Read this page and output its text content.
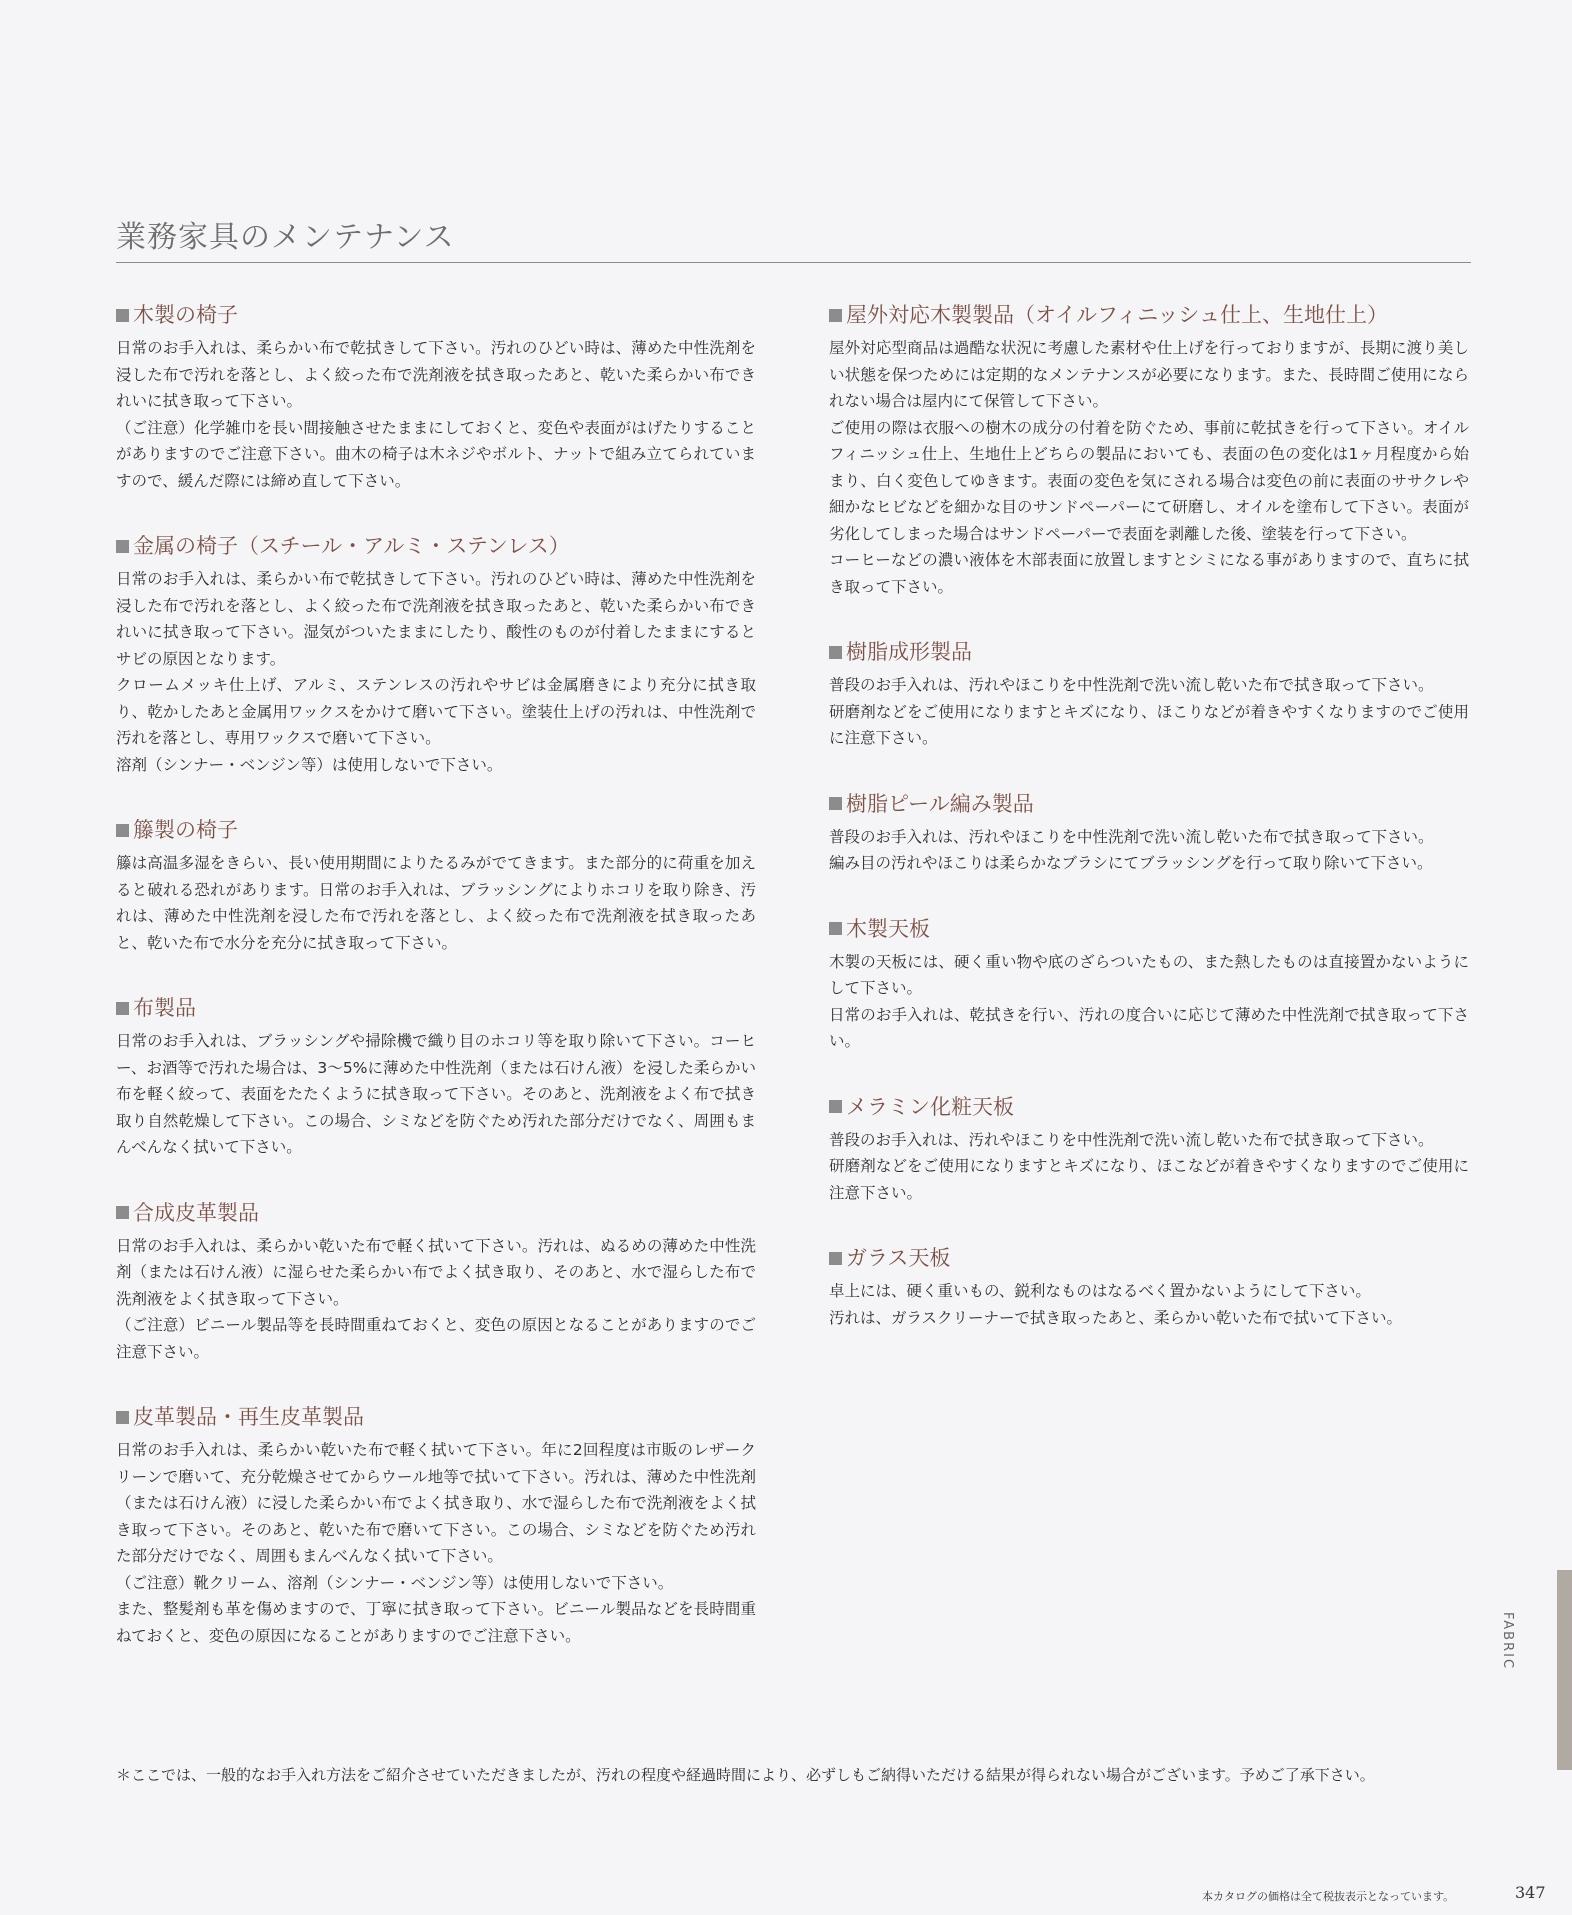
業務家具のメンテナンス
木製の椅子

日常のお手入れは、柔らかい布で乾拭きして下さい。汚れのひどい時は、薄めた中性洗剤を浸した布で汚れを落とし、よく絞った布で洗剤液を拭き取ったあと、乾いた柔らかい布できれいに拭き取って下さい。

（ご注意）化学雑巾を長い間接触させたままにしておくと、変色や表面がはげたりすることがありますのでご注意下さい。曲木の椅子は木ネジやボルト、ナットで組み立てられていますので、緩んだ際には締め直して下さい。

金属の椅子（スチール・アルミ・ステンレス）

日常のお手入れは、柔らかい布で乾拭きして下さい。汚れのひどい時は、薄めた中性洗剤を浸した布で汚れを落とし、よく絞った布で洗剤液を拭き取ったあと、乾いた柔らかい布できれいに拭き取って下さい。湿気がついたままにしたり、酸性のものが付着したままにするとサビの原因となります。

クロームメッキ仕上げ、アルミ、ステンレスの汚れやサビは金属磨きにより充分に拭き取り、乾かしたあと金属用ワックスをかけて磨いて下さい。塗装仕上げの汚れは、中性洗剤で汚れを落とし、専用ワックスで磨いて下さい。

溶剤（シンナー・ベンジン等）は使用しないで下さい。

籐製の椅子

籐は高温多湿をきらい、長い使用期間によりたるみがでてきます。また部分的に荷重を加えると破れる恐れがあります。日常のお手入れは、ブラッシングによりホコリを取り除き、汚れは、薄めた中性洗剤を浸した布で汚れを落とし、よく絞った布で洗剤液を拭き取ったあと、乾いた布で水分を充分に拭き取って下さい。

布製品

日常のお手入れは、ブラッシングや掃除機で織り目のホコリ等を取り除いて下さい。コーヒー、お酒等で汚れた場合は、3〜5%に薄めた中性洗剤（または石けん液）を浸した柔らかい布を軽く絞って、表面をたたくように拭き取って下さい。そのあと、洗剤液をよく布で拭き取り自然乾燥して下さい。この場合、シミなどを防ぐため汚れた部分だけでなく、周囲もまんべんなく拭いて下さい。

合成皮革製品

日常のお手入れは、柔らかい乾いた布で軽く拭いて下さい。汚れは、ぬるめの薄めた中性洗剤（または石けん液）に湿らせた柔らかい布でよく拭き取り、そのあと、水で湿らした布で洗剤液をよく拭き取って下さい。

（ご注意）ビニール製品等を長時間重ねておくと、変色の原因となることがありますのでご注意下さい。

皮革製品・再生皮革製品

日常のお手入れは、柔らかい乾いた布で軽く拭いて下さい。年に2回程度は市販のレザークリーンで磨いて、充分乾燥させてからウール地等で拭いて下さい。汚れは、薄めた中性洗剤（または石けん液）に浸した柔らかい布でよく拭き取り、水で湿らした布で洗剤液をよく拭き取って下さい。そのあと、乾いた布で磨いて下さい。この場合、シミなどを防ぐため汚れた部分だけでなく、周囲もまんべんなく拭いて下さい。

（ご注意）靴クリーム、溶剤（シンナー・ベンジン等）は使用しないで下さい。

また、整髪剤も革を傷めますので、丁寧に拭き取って下さい。ビニール製品などを長時間重ねておくと、変色の原因になることがありますのでご注意下さい。

屋外対応木製製品（オイルフィニッシュ仕上、生地仕上）

屋外対応型商品は過酷な状況に考慮した素材や仕上げを行っておりますが、長期に渡り美しい状態を保つためには定期的なメンテナンスが必要になります。また、長時間ご使用になられない場合は屋内にて保管して下さい。

ご使用の際は衣服への樹木の成分の付着を防ぐため、事前に乾拭きを行って下さい。オイルフィニッシュ仕上、生地仕上どちらの製品においても、表面の色の変化は1ヶ月程度から始まり、白く変色してゆきます。表面の変色を気にされる場合は変色の前に表面のササクレや細かなヒビなどを細かな目のサンドペーパーにて研磨し、オイルを塗布して下さい。表面が劣化してしまった場合はサンドペーパーで表面を剥離した後、塗装を行って下さい。

コーヒーなどの濃い液体を木部表面に放置しますとシミになる事がありますので、直ちに拭き取って下さい。

樹脂成形製品

普段のお手入れは、汚れやほこりを中性洗剤で洗い流し乾いた布で拭き取って下さい。

研磨剤などをご使用になりますとキズになり、ほこりなどが着きやすくなりますのでご使用に注意下さい。

樹脂ピール編み製品

普段のお手入れは、汚れやほこりを中性洗剤で洗い流し乾いた布で拭き取って下さい。

編み目の汚れやほこりは柔らかなブラシにてブラッシングを行って取り除いて下さい。

木製天板

木製の天板には、硬く重い物や底のざらついたもの、また熱したものは直接置かないようにして下さい。

日常のお手入れは、乾拭きを行い、汚れの度合いに応じて薄めた中性洗剤で拭き取って下さい。

メラミン化粧天板

普段のお手入れは、汚れやほこりを中性洗剤で洗い流し乾いた布で拭き取って下さい。

研磨剤などをご使用になりますとキズになり、ほこなどが着きやすくなりますのでご使用に注意下さい。

ガラス天板

卓上には、硬く重いもの、鋭利なものはなるべく置かないようにして下さい。

汚れは、ガラスクリーナーで拭き取ったあと、柔らかい乾いた布で拭いて下さい。

＊ここでは、一般的なお手入れ方法をご紹介させていただきましたが、汚れの程度や経過時間により、必ずしもご納得いただける結果が得られない場合がございます。予めご了承下さい。
FABRIC
本カタログの価格は全て税抜表示となっています。	347
